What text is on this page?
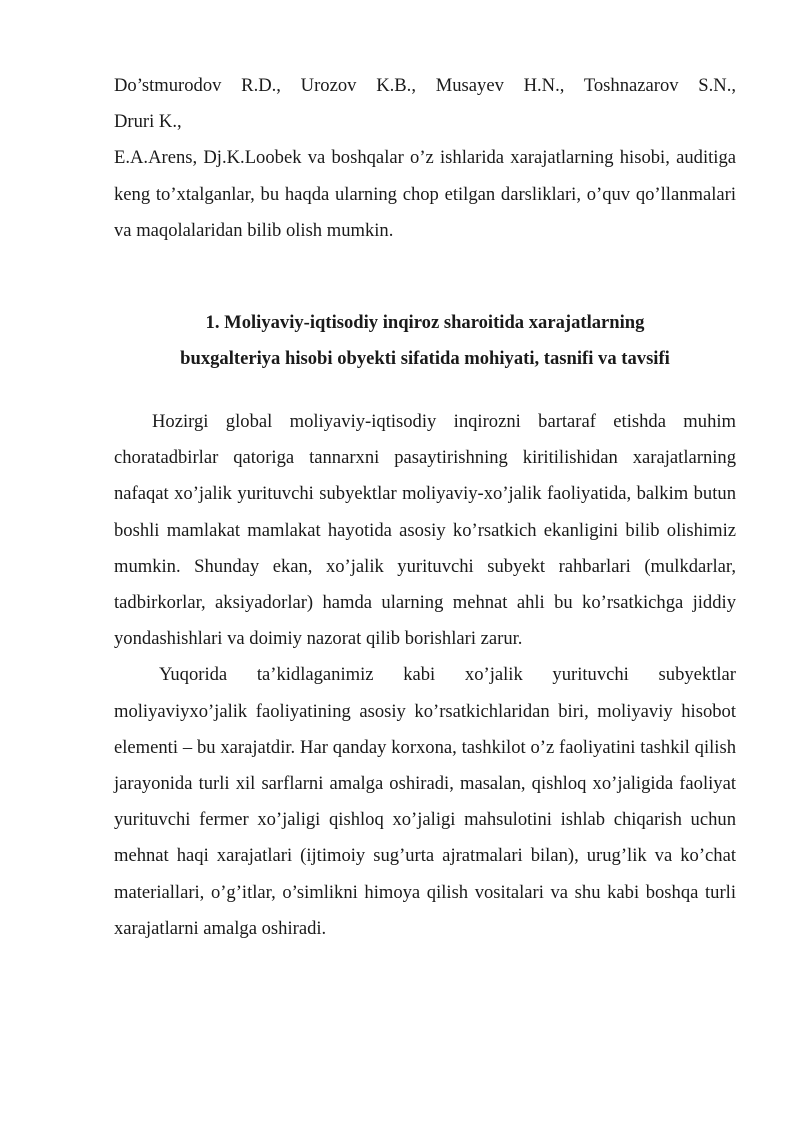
Do’stmurodov R.D., Urozov K.B., Musayev H.N., Toshnazarov S.N.,
Druri K.,
E.A.Arens, Dj.K.Loobek va boshqalar o’z ishlarida xarajatlarning hisobi, auditiga keng to’xtalganlar, bu haqda ularning chop etilgan darsliklari, o’quv qo’llanmalari va maqolalaridan bilib olish mumkin.
1. Moliyaviy-iqtisodiy inqiroz sharoitida xarajatlarning
buxgalteriya hisobi obyekti sifatida mohiyati, tasnifi va tavsifi

Hozirgi global moliyaviy-iqtisodiy inqirozni bartaraf etishda muhim choratadbirlar qatoriga tannarxni pasaytirishning kiritilishidan xarajatlarning nafaqat xo’jalik yurituvchi subyektlar moliyaviy-xo’jalik faoliyatida, balkim butun boshli mamlakat mamlakat hayotida asosiy ko’rsatkich ekanligini bilib olishimiz mumkin. Shunday ekan, xo’jalik yurituvchi subyekt rahbarlari (mulkdarlar, tadbirkorlar, aksiyadorlar) hamda ularning mehnat ahli bu ko’rsatkichga jiddiy yondashishlari va doimiy nazorat qilib borishlari zarur.

Yuqorida ta’kidlaganimiz kabi xo’jalik yurituvchi subyektlar moliyaviyxo’jalik faoliyatining asosiy ko’rsatkichlaridan biri, moliyaviy hisobot elementi – bu xarajatdir. Har qanday korxona, tashkilot o’z faoliyatini tashkil qilish jarayonida turli xil sarflarni amalga oshiradi, masalan, qishloq xo’jaligida faoliyat yurituvchi fermer xo’jaligi qishloq xo’jaligi mahsulotini ishlab chiqarish uchun mehnat haqi xarajatlari (ijtimoiy sug’urta ajratmalari bilan), urug’lik va ko’chat materiallari, o’g’itlar, o’simlikni himoya qilish vositalari va shu kabi boshqa turli xarajatlarni amalga oshiradi.
